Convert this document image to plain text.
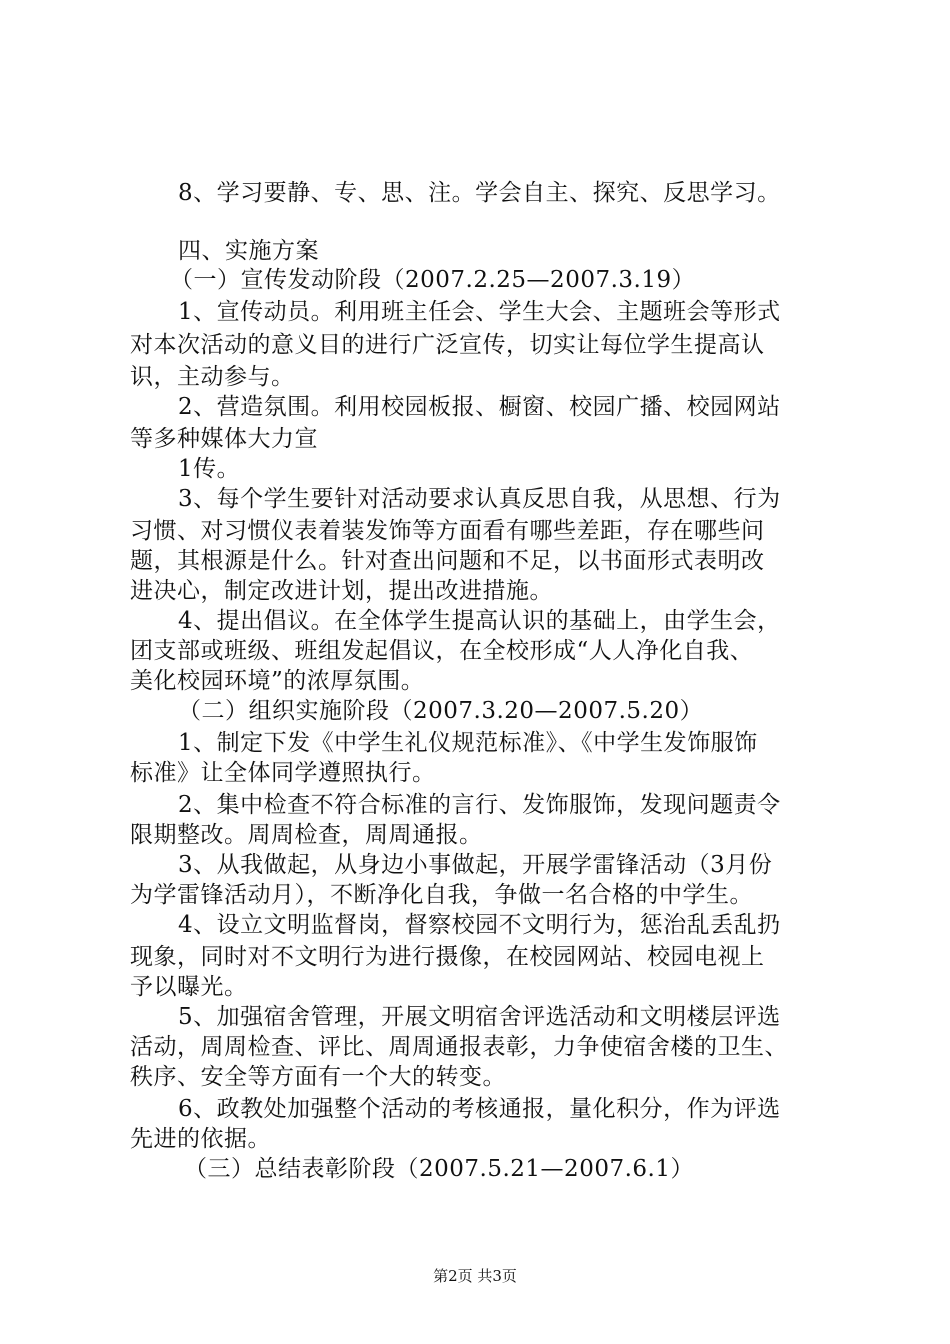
8、学习要静、专、思、注。学会自主、探究、反思学习。
四、实施方案
（一）宣传发动阶段（2007.2.25—2007.3.19）
1、宣传动员。利用班主任会、学生大会、主题班会等形式
对本次活动的意义目的进行广泛宣传，切实让每位学生提高认
识，主动参与。
2、营造氛围。利用校园板报、橱窗、校园广播、校园网站
等多种媒体大力宣
1传。
3、每个学生要针对活动要求认真反思自我，从思想、行为
习惯、对习惯仪表着装发饰等方面看有哪些差距，存在哪些问
题，其根源是什么。针对查出问题和不足，以书面形式表明改
进决心，制定改进计划，提出改进措施。
4、提出倡议。在全体学生提高认识的基础上，由学生会，
团支部或班级、班组发起倡议，在全校形成“人人净化自我、
美化校园环境”的浓厚氛围。
（二）组织实施阶段（2007.3.20—2007.5.20）
1、制定下发《中学生礼仪规范标准》、《中学生发饰服饰
标准》让全体同学遵照执行。
2、集中检查不符合标准的言行、发饰服饰，发现问题责令
限期整改。周周检查，周周通报。
3、从我做起，从身边小事做起，开展学雷锋活动（3月份
为学雷锋活动月），不断净化自我，争做一名合格的中学生。
4、设立文明监督岗，督察校园不文明行为，惩治乱丢乱扔
现象，同时对不文明行为进行摄像，在校园网站、校园电视上
予以曝光。
5、加强宿舍管理，开展文明宿舍评选活动和文明楼层评选
活动，周周检查、评比、周周通报表彰，力争使宿舍楼的卫生、
秩序、安全等方面有一个大的转变。
6、政教处加强整个活动的考核通报，量化积分，作为评选
先进的依据。
（三）总结表彰阶段（2007.5.21—2007.6.1）
第2页 共3页
